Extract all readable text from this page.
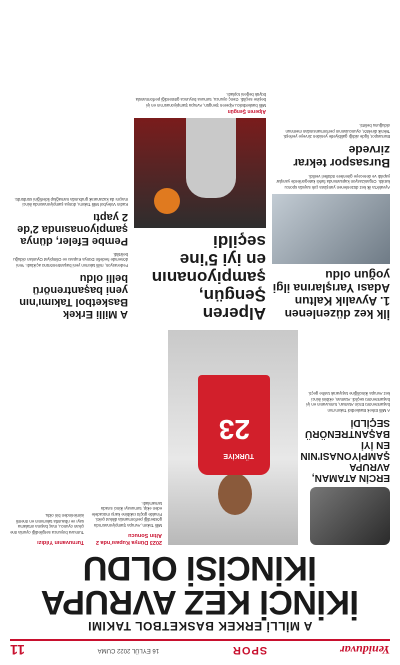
Yeniduvar
SPOR
16 EYLÜL 2022 CUMA
11
A MİLLİ ERKEK BASKETBOL TAKIMI
İKİNCİ KEZ AVRUPA
İKİNCİSİ OLDU
ERCİN ATAMAN, AVRUPA ŞAMPİYONASI'NIN EN İYİ BAŞANTRENÖRÜ SEÇİLDİ
A Milli Erkek Basketbol Takımı'nın başantrenörü Ercin Ataman, turnuvanın en iyi başantrenörü seçildi. Ataman, ekibini ikinci kez Avrupa ikinciliğine taşıyarak tarihe geçti.
TÜRKİYE
23
2023 Dünya Kupası'nda 2 Altın Sonucu
Milli Takım, Avrupa Şampiyonası'nda gösterdiği performansla dikkat çekti. Finalde güçlü rakibine karşı mücadele eden ekip, turnuvayı ikinci sırada tamamladı.
Turnuvanın Yıldızı
Turnuva boyunca sergilediği oyunla öne çıkan oyuncu, maç başına ortalama sayı ve ribauntla takımının en önemli isimlerinden biri oldu.
İlk kez düzenlenen 1. Ayvalık Kaltun Adası Yarışlarına ilgi yoğun oldu
Ayvalık'ta ilk kez düzenlenen yarışlara çok sayıda sporcu katıldı. Organizasyon kapsamında farklı kategorilerde yarışlar yapıldı ve dereceye girenlere ödülleri verildi.
Bursaspor tekrar zirvede
Bursaspor, ligde aldığı galibiyetle yeniden zirveye yerleşti. Teknik direktör, oyuncularının performansından memnun olduğunu belirtti.
Alperen Şengün, şampiyonanın en iyi 5'ine seçildi
Alperen Şengün
Milli basketbolcu Alperen Şengün, Avrupa Şampiyonası'nın en iyi beşine seçildi. Genç oyuncu, turnuva boyunca gösterdiği performansla büyük beğeni topladı.
A Milli Erkek Basketbol Takımı'nın yeni başantrenörü belli oldu
Federasyon, milli takımın yeni başantrenörünü açıkladı. Yeni dönemde hedefin Dünya Kupası ve Olimpiyat Oyunları olduğu belirtildi.
Pembe Efeler, dünya şampiyonasında 2'de 2 yaptı
Kadın Voleybol Milli Takımı, dünya şampiyonasında ikinci maçını da kazanarak grubunda namağlup liderliğini sürdürdü.
